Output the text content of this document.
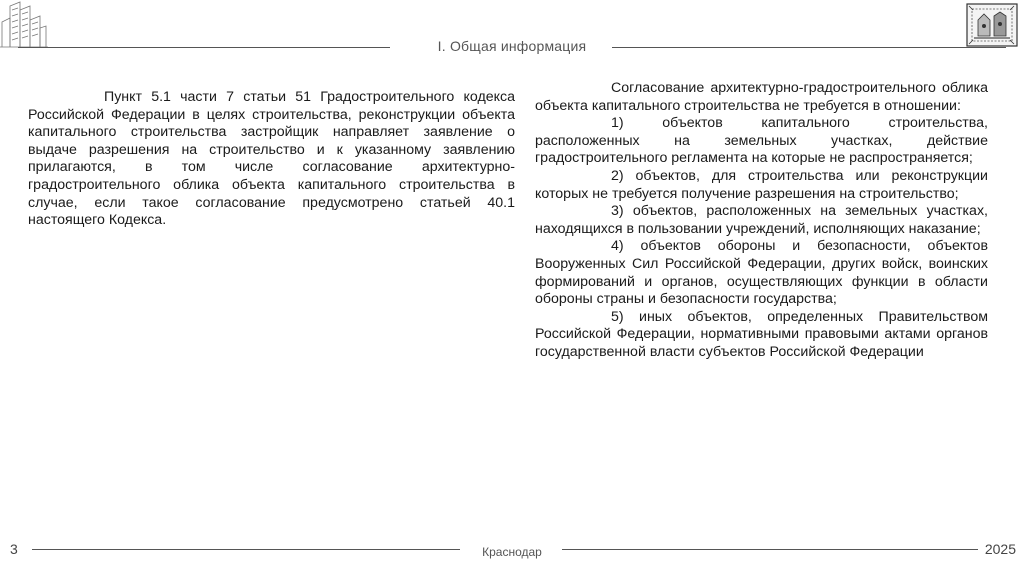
I. Общая информация

Пункт 5.1 части 7 статьи 51 Градостроительного кодекса Российской Федерации в целях строительства, реконструкции объекта капитального строительства застройщик направляет заявление о выдаче разрешения на строительство и к указанному заявлению прилагаются, в том числе согласование архитектурно-градостроительного облика объекта капитального строительства в случае, если такое согласование предусмотрено статьей 40.1 настоящего Кодекса.

Согласование архитектурно-градостроительного облика объекта капитального строительства не требуется в отношении:

1) объектов капитального строительства, расположенных на земельных участках, действие градостроительного регламента на которые не распространяется;

2) объектов, для строительства или реконструкции которых не требуется получение разрешения на строительство;

3) объектов, расположенных на земельных участках, находящихся в пользовании учреждений, исполняющих наказание;

4) объектов обороны и безопасности, объектов Вооруженных Сил Российской Федерации, других войск, воинских формирований и органов, осуществляющих функции в области обороны страны и безопасности государства;

5) иных объектов, определенных Правительством Российской Федерации, нормативными правовыми актами органов государственной власти субъектов Российской Федерации

3	Краснодар	2025
